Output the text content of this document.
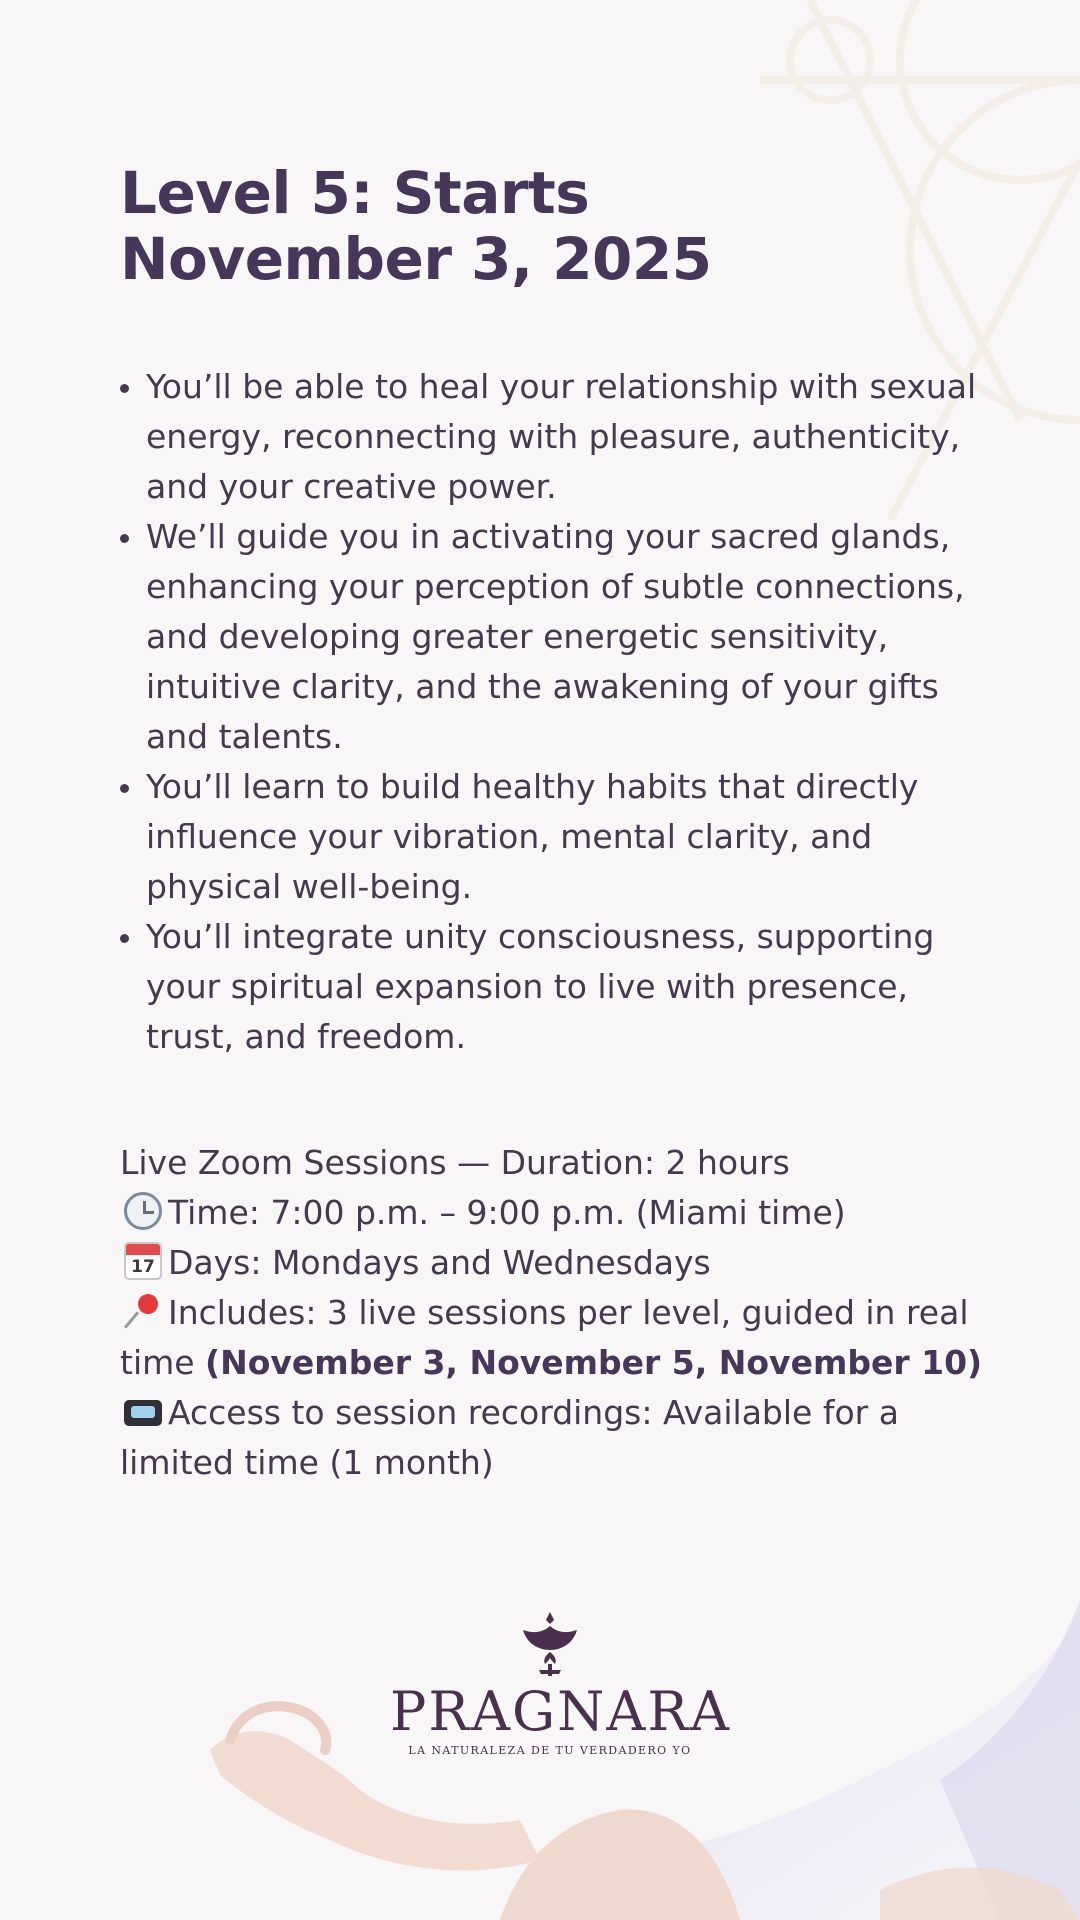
Level 5: Starts
November 3, 2025
You’ll be able to heal your relationship with sexual energy, reconnecting with pleasure, authenticity, and your creative power.
We’ll guide you in activating your sacred glands, enhancing your perception of subtle connections, and developing greater energetic sensitivity, intuitive clarity, and the awakening of your gifts and talents.
You’ll learn to build healthy habits that directly influence your vibration, mental clarity, and physical well-being.
You’ll integrate unity consciousness, supporting your spiritual expansion to live with presence, trust, and freedom.
Live Zoom Sessions — Duration: 2 hours
Time: 7:00 p.m. – 9:00 p.m. (Miami time)
17 Days: Mondays and Wednesdays
Includes: 3 live sessions per level, guided in real time (November 3, November 5, November 10)
Access to session recordings: Available for a limited time (1 month)
PRAGNARA
LA NATURALEZA DE TU VERDADERO YO
